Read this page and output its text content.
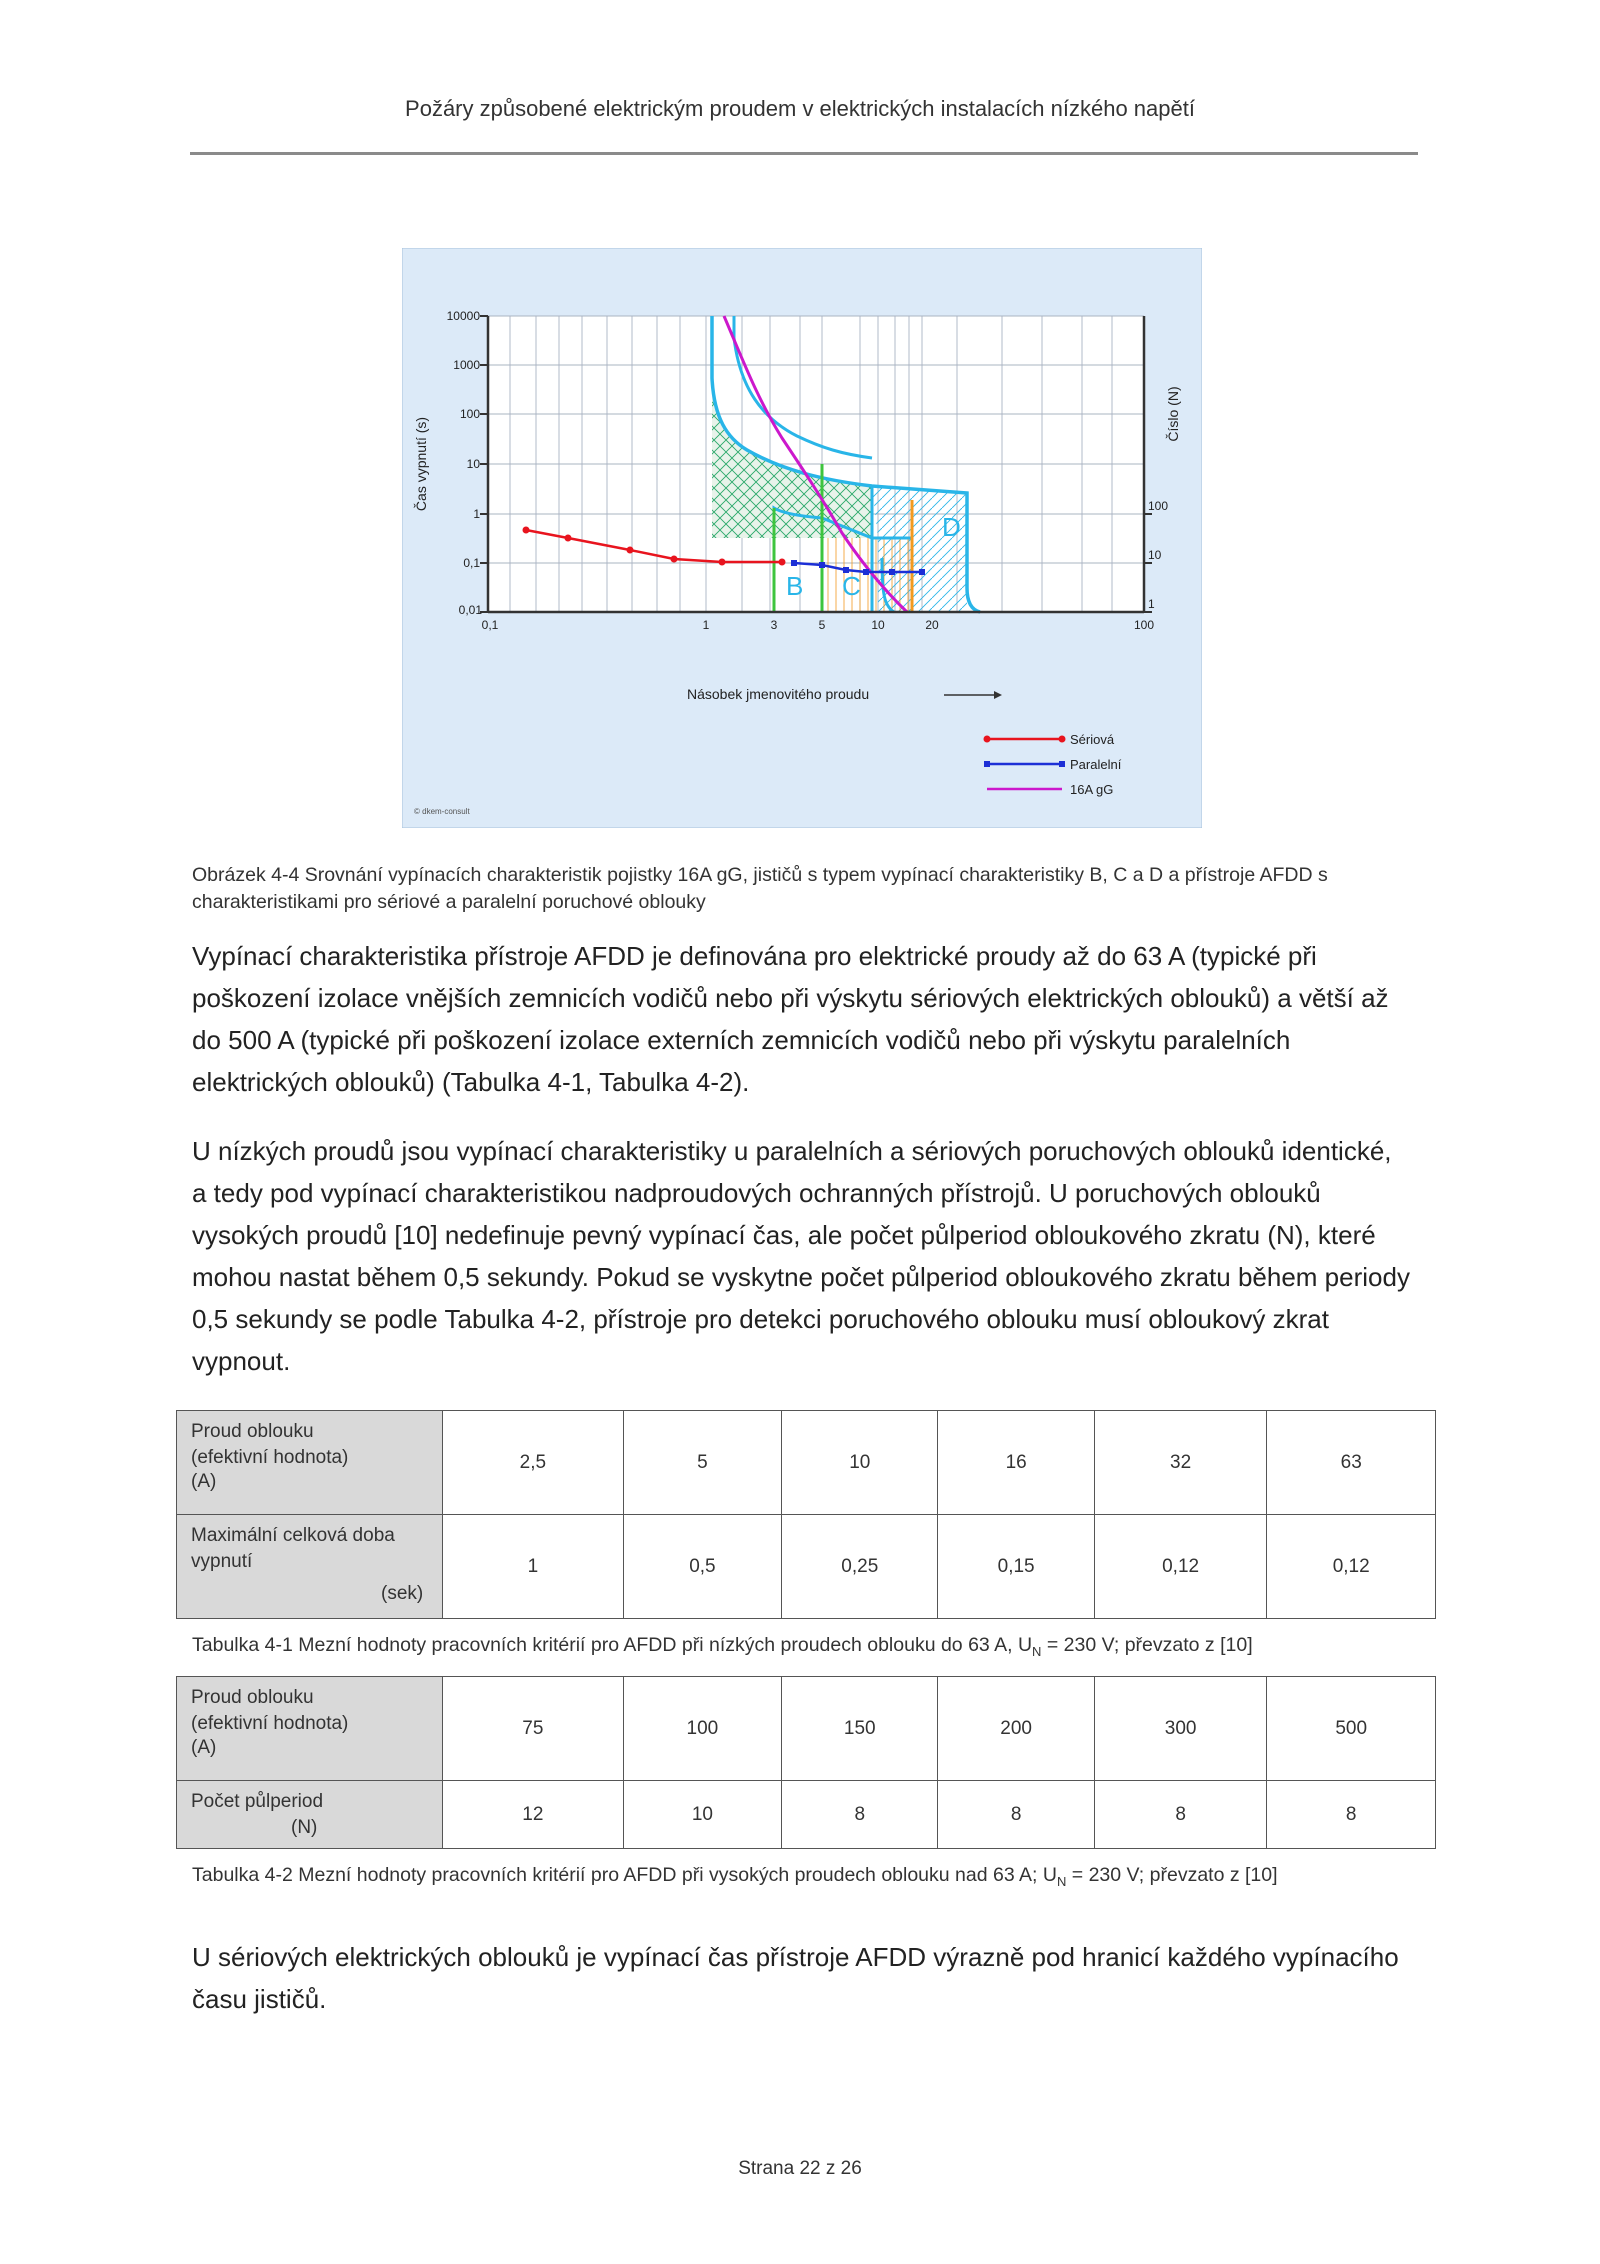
Požáry způsobené elektrickým proudem v elektrických instalacích nízkého napětí
10000
1000
100
10
1
0,1
0,01
0,1	1	3	5	10	20	100
100
10
1
Čas vypnutí (s)
Číslo (N)
B C
D
Násobek jmenovitého proudu
Sériová
Paralelní
16A gG
© dkem-consult
Obrázek 4-4 Srovnání vypínacích charakteristik pojistky 16A gG, jističů s typem vypínací charakteristiky B, C a D a přístroje AFDD s charakteristikami pro sériové a paralelní poruchové oblouky
Vypínací charakteristika přístroje AFDD je definována pro elektrické proudy až do 63 A (typické při poškození izolace vnějších zemnicích vodičů nebo při výskytu sériových elektrických oblouků) a větší až do 500 A (typické při poškození izolace externích zemnicích vodičů nebo při výskytu paralelních elektrických oblouků) (Tabulka 4-1, Tabulka 4-2).
U nízkých proudů jsou vypínací charakteristiky u paralelních a sériových poruchových oblouků identické, a tedy pod vypínací charakteristikou nadproudových ochranných přístrojů. U poruchových oblouků vysokých proudů [10] nedefinuje pevný vypínací čas, ale počet půlperiod obloukového zkratu (N), které mohou nastat během 0,5 sekundy. Pokud se vyskytne počet půlperiod obloukového zkratu během periody 0,5 sekundy se podle Tabulka 4-2, přístroje pro detekci poruchového oblouku musí obloukový zkrat vypnout.
Proud oblouku
(efektivní hodnota)
(A)	2,5	5	10	16	32	63

Maximální celková doba
vypnutí
(sek)	1	0,5	0,25	0,15	0,12	0,12
Tabulka 4-1 Mezní hodnoty pracovních kritérií pro AFDD při nízkých proudech oblouku do 63 A, $U_N = 230$ V; převzato z [10]
Proud oblouku
(efektivní hodnota)
(A)	75	100	150	200	300	500

Počet půlperiod
(N)	12	10	8	8	8	8
Tabulka 4-2 Mezní hodnoty pracovních kritérií pro AFDD při vysokých proudech oblouku nad 63 A; $U_N = 230$ V; převzato z [10]
U sériových elektrických oblouků je vypínací čas přístroje AFDD výrazně pod hranicí každého vypínacího času jističů.
Strana 22 z 26
